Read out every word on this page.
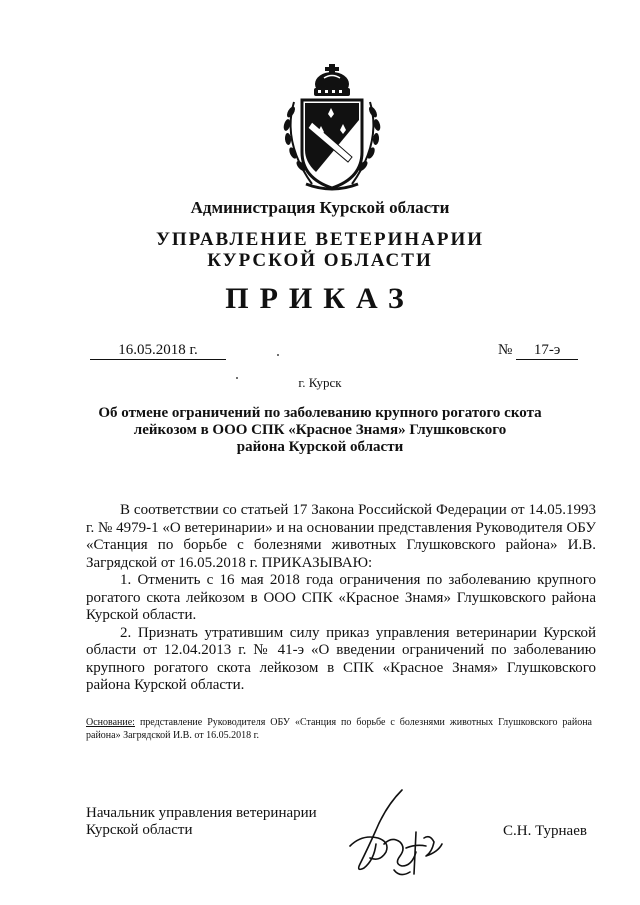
Администрация Курской области
УПРАВЛЕНИЕ ВЕТЕРИНАРИИ
КУРСКОЙ ОБЛАСТИ
ПРИКАЗ
16.05.2018 г.	№ 17-э
г. Курск
Об отмене ограничений по заболеванию крупного рогатого скота
лейкозом в ООО СПК «Красное Знамя» Глушковского
района Курской области

В соответствии со статьей 17 Закона Российской Федерации от 14.05.1993 г. № 4979-1 «О ветеринарии» и на основании представления Руководителя ОБУ «Станция по борьбе с болезнями животных Глушковского района» И.В. Загрядской от 16.05.2018 г. ПРИКАЗЫВАЮ:

1. Отменить с 16 мая 2018 года ограничения по заболеванию крупного рогатого скота лейкозом в ООО СПК «Красное Знамя» Глушковского района Курской области.

2. Признать утратившим силу приказ управления ветеринарии Курской области от 12.04.2013 г. № 41-э «О введении ограничений по заболеванию крупного рогатого скота лейкозом в СПК «Красное Знамя» Глушковского района Курской области.

Основание: представление Руководителя ОБУ «Станция по борьбе с болезнями животных Глушковского района района» Загрядской И.В. от 16.05.2018 г.
Начальник управления ветеринарии
Курской области	С.Н. Турнаев
